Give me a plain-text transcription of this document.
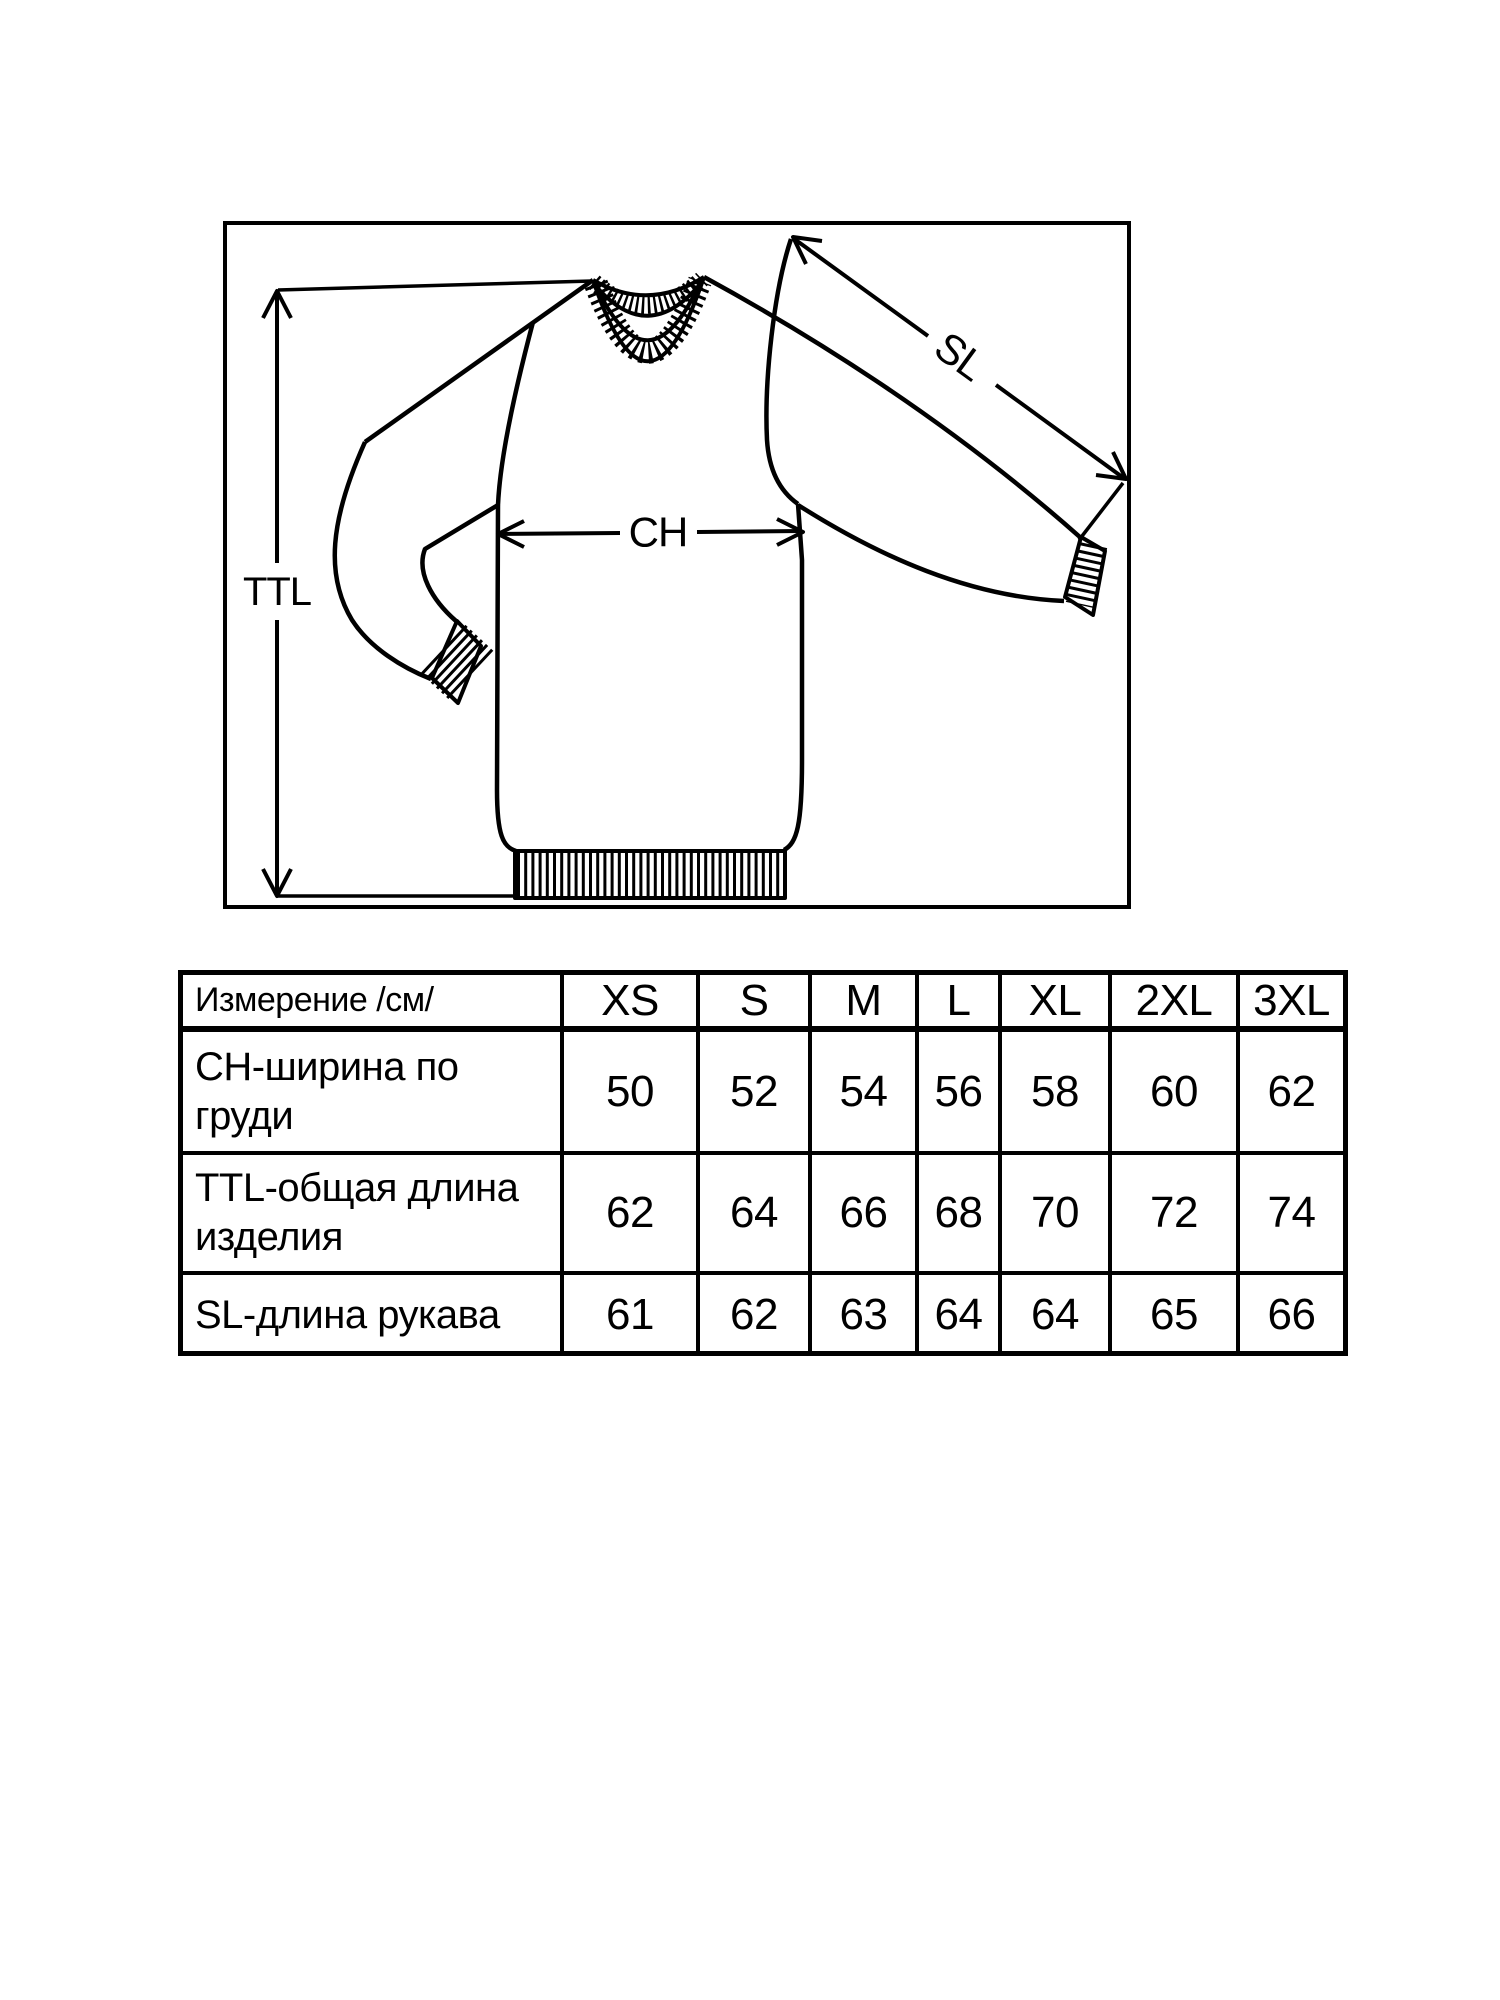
TTL
CH
SL
Измерение /см/	XS	S	M	L	XL	2XL 3XL
CH-ширина по груди	50	52	54	56	58	60	62
TTL-общая длина изделия	62	64	66	68	70	72	74
SL-длина рукава	61	62	63	64	64	65	66
